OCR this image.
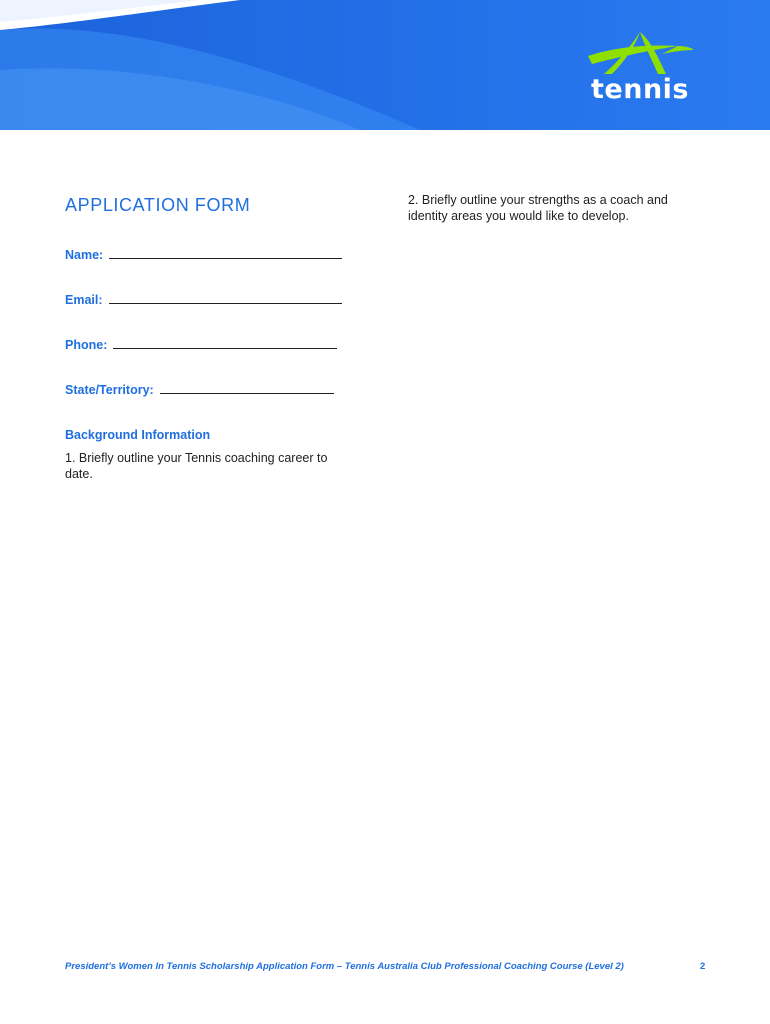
tennis
APPLICATION FORM
Name:
Email:
Phone:
State/Territory:
Background Information
1. Briefly outline your Tennis coaching career to date.
2. Briefly outline your strengths as a coach and identity areas you would like to develop.
President’s Women In Tennis Scholarship Application Form – Tennis Australia Club Professional Coaching Course (Level 2)	2
